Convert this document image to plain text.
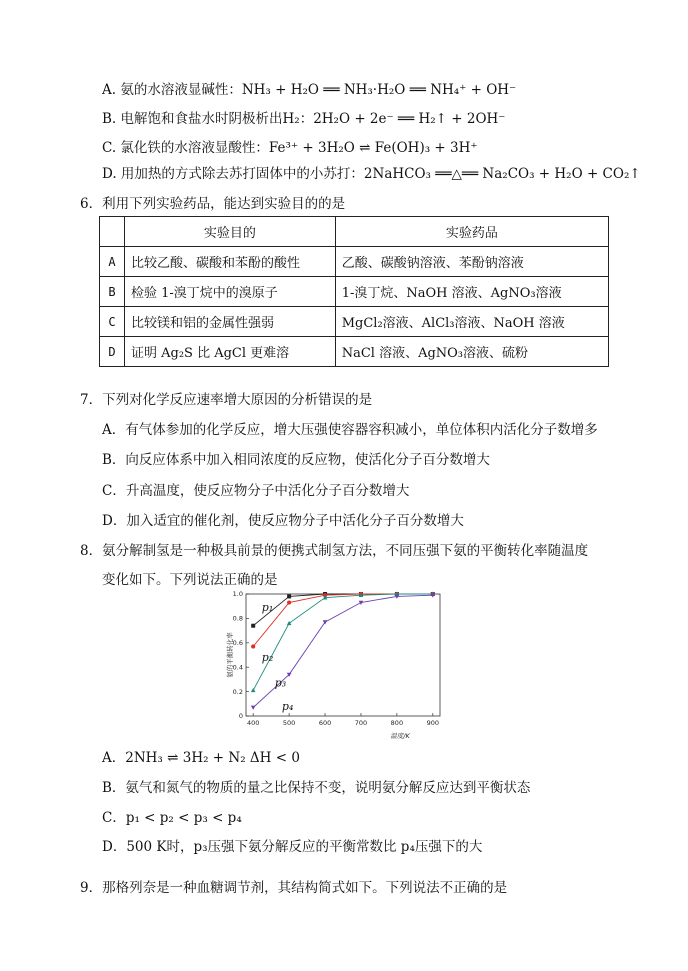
A. 氨的水溶液显碱性：NH₃ + H₂O ══ NH₃·H₂O ══ NH₄⁺ + OH⁻
B. 电解饱和食盐水时阴极析出H₂：2H₂O + 2e⁻ ══ H₂↑ + 2OH⁻
C. 氯化铁的水溶液显酸性：Fe³⁺ + 3H₂O ⇌ Fe(OH)₃ + 3H⁺
D. 用加热的方式除去苏打固体中的小苏打：2NaHCO₃ ══△══ Na₂CO₃ + H₂O + CO₂↑
6．利用下列实验药品，能达到实验目的的是
	实验目的	实验药品
A	比较乙酸、碳酸和苯酚的酸性	乙酸、碳酸钠溶液、苯酚钠溶液
B	检验 1-溴丁烷中的溴原子	1-溴丁烷、NaOH 溶液、AgNO₃溶液
C	比较镁和铝的金属性强弱	MgCl₂溶液、AlCl₃溶液、NaOH 溶液
D	证明 Ag₂S 比 AgCl 更难溶	NaCl 溶液、AgNO₃溶液、硫粉
7．下列对化学反应速率增大原因的分析错误的是
A．有气体参加的化学反应，增大压强使容器容积减小，单位体积内活化分子数增多
B．向反应体系中加入相同浓度的反应物，使活化分子百分数增大
C．升高温度，使反应物分子中活化分子百分数增大
D．加入适宜的催化剂，使反应物分子中活化分子百分数增大
8．氨分解制氢是一种极具前景的便携式制氢方法，不同压强下氨的平衡转化率随温度
变化如下。下列说法正确的是
0
0.2
0.4
0.6
0.8
1.0
400	500	600	700	800	900
氨的平衡转化率
温度/K
p₁
p₂
p₃
p₄
A．2NH₃ ⇌ 3H₂ + N₂ ΔH < 0
B．氨气和氮气的物质的量之比保持不变，说明氨分解反应达到平衡状态
C．p₁ < p₂ < p₃ < p₄
D．500 K时，p₃压强下氨分解反应的平衡常数比 p₄压强下的大
9．那格列奈是一种血糖调节剂，其结构简式如下。下列说法不正确的是
